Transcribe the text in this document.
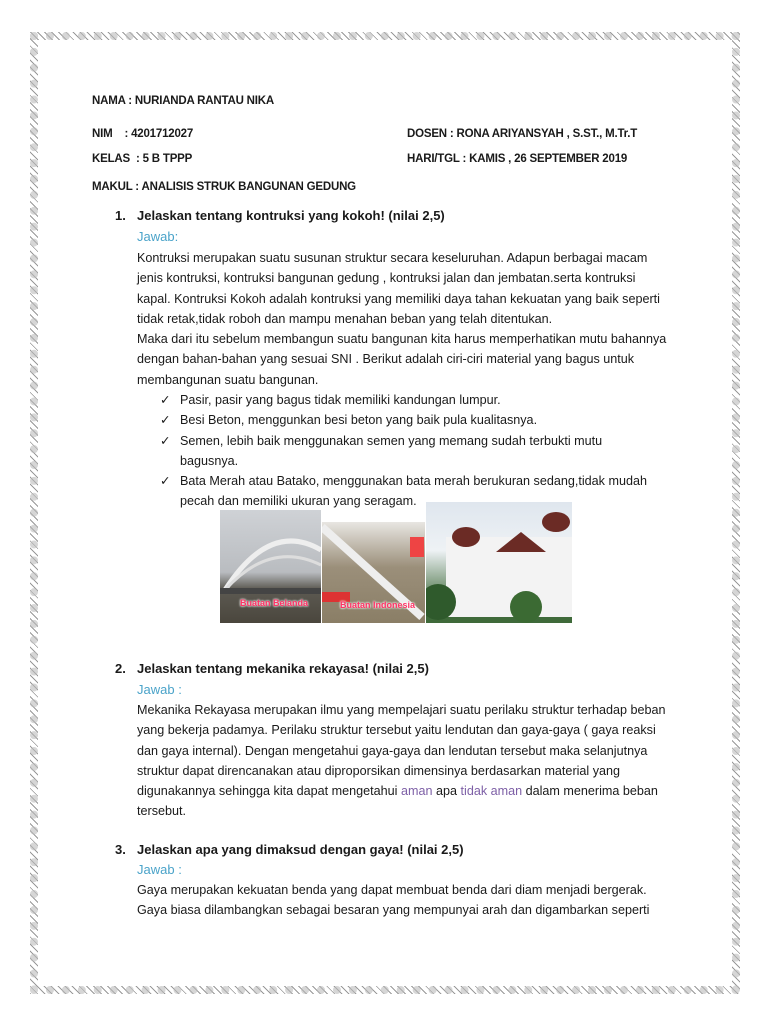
NAMA : NURIANDA RANTAU NIKA
NIM    : 4201712027	DOSEN : RONA ARIYANSYAH , S.ST., M.Tr.T
KELAS  : 5 B TPPP	HARI/TGL : KAMIS , 26 SEPTEMBER 2019
MAKUL : ANALISIS STRUK BANGUNAN GEDUNG
1. Jelaskan tentang kontruksi yang kokoh! (nilai 2,5)
Jawab:

Kontruksi merupakan suatu susunan struktur secara keseluruhan. Adapun berbagai macam

jenis kontruksi, kontruksi bangunan gedung , kontruksi jalan dan jembatan.serta kontruksi

kapal. Kontruksi Kokoh adalah kontruksi yang memiliki daya tahan kekuatan yang baik seperti

tidak retak,tidak roboh dan mampu menahan beban yang telah ditentukan.

Maka dari itu sebelum membangun suatu bangunan kita harus memperhatikan mutu bahannya

dengan bahan-bahan yang sesuai SNI . Berikut adalah ciri-ciri material yang bagus untuk

membangunan suatu bangunan.

✓ Pasir, pasir yang bagus tidak memiliki kandungan lumpur.
✓ Besi Beton, menggunkan besi beton yang baik pula kualitasnya.
✓ Semen, lebih baik menggunakan semen yang memang sudah terbukti mutu bagusnya.
✓ Bata Merah atau Batako, menggunakan bata merah berukuran sedang,tidak mudah pecah dan memiliki ukuran yang seragam.
Buatan Belanda	Buatan Indonesia
2. Jelaskan tentang mekanika rekayasa! (nilai 2,5)
Jawab :

Mekanika Rekayasa merupakan ilmu yang mempelajari suatu perilaku struktur terhadap beban

yang bekerja padamya. Perilaku struktur tersebut yaitu lendutan dan gaya-gaya ( gaya reaksi

dan gaya internal). Dengan mengetahui gaya-gaya dan lendutan tersebut maka selanjutnya

struktur dapat direncanakan atau diproporsikan dimensinya berdasarkan material yang

digunakannya sehingga kita dapat mengetahui aman apa tidak aman dalam menerima beban

tersebut.

3. Jelaskan apa yang dimaksud dengan gaya! (nilai 2,5)
Jawab :

Gaya merupakan kekuatan benda yang dapat membuat benda dari diam menjadi bergerak.

Gaya biasa dilambangkan sebagai besaran yang mempunyai arah dan digambarkan seperti
